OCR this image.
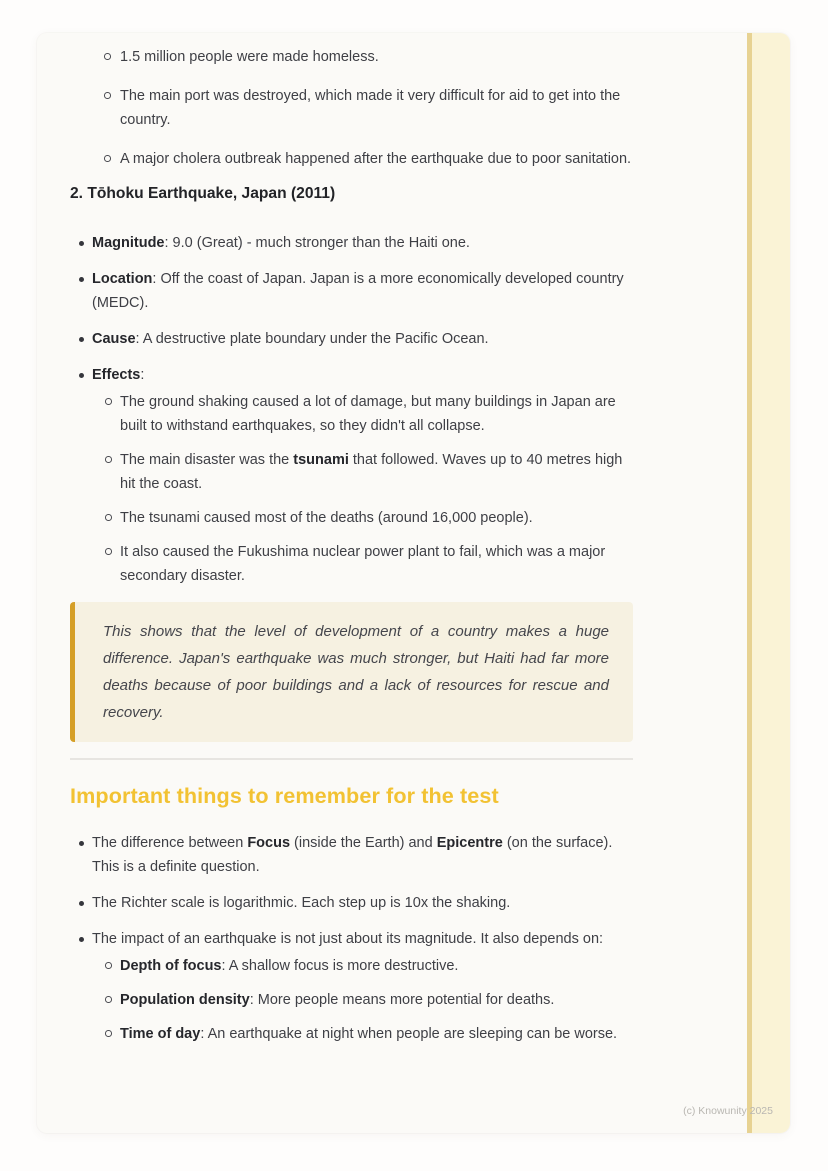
1.5 million people were made homeless.
The main port was destroyed, which made it very difficult for aid to get into the country.
A major cholera outbreak happened after the earthquake due to poor sanitation.
2. Tōhoku Earthquake, Japan (2011)
Magnitude: 9.0 (Great) - much stronger than the Haiti one.
Location: Off the coast of Japan. Japan is a more economically developed country (MEDC).
Cause: A destructive plate boundary under the Pacific Ocean.
Effects:
The ground shaking caused a lot of damage, but many buildings in Japan are built to withstand earthquakes, so they didn't all collapse.
The main disaster was the tsunami that followed. Waves up to 40 metres high hit the coast.
The tsunami caused most of the deaths (around 16,000 people).
It also caused the Fukushima nuclear power plant to fail, which was a major secondary disaster.

This shows that the level of development of a country makes a huge difference. Japan's earthquake was much stronger, but Haiti had far more deaths because of poor buildings and a lack of resources for rescue and recovery.

Important things to remember for the test
The difference between Focus (inside the Earth) and Epicentre (on the surface). This is a definite question.
The Richter scale is logarithmic. Each step up is 10x the shaking.
The impact of an earthquake is not just about its magnitude. It also depends on:
Depth of focus: A shallow focus is more destructive.
Population density: More people means more potential for deaths.
Time of day: An earthquake at night when people are sleeping can be worse.
(c) Knowunity 2025
